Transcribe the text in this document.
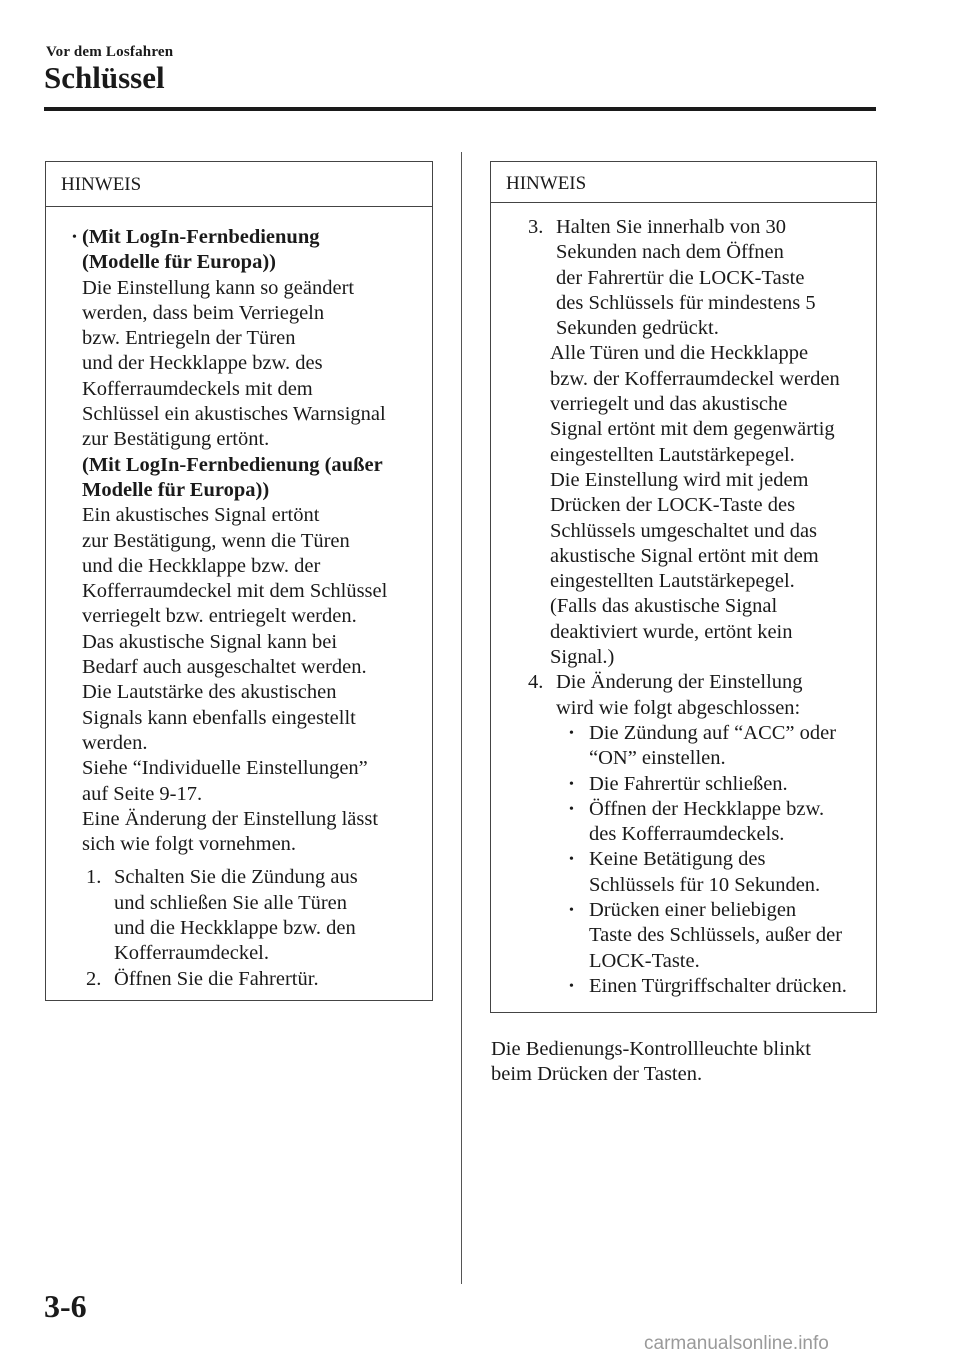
Vor dem Losfahren
Schlüssel
HINWEIS
• (Mit LogIn-Fernbedienung
(Modelle für Europa))
Die Einstellung kann so geändert
werden, dass beim Verriegeln
bzw. Entriegeln der Türen
und der Heckklappe bzw. des
Kofferraumdeckels mit dem
Schlüssel ein akustisches Warnsignal
zur Bestätigung ertönt.
(Mit LogIn-Fernbedienung (außer
Modelle für Europa))
Ein akustisches Signal ertönt
zur Bestätigung, wenn die Türen
und die Heckklappe bzw. der
Kofferraumdeckel mit dem Schlüssel
verriegelt bzw. entriegelt werden.
Das akustische Signal kann bei
Bedarf auch ausgeschaltet werden.
Die Lautstärke des akustischen
Signals kann ebenfalls eingestellt
werden.
Siehe “Individuelle Einstellungen”
auf Seite 9-17.
Eine Änderung der Einstellung lässt
sich wie folgt vornehmen.
1. Schalten Sie die Zündung aus
und schließen Sie alle Türen
und die Heckklappe bzw. den
Kofferraumdeckel.
2. Öffnen Sie die Fahrertür.
HINWEIS
3. Halten Sie innerhalb von 30
Sekunden nach dem Öffnen
der Fahrertür die LOCK-Taste
des Schlüssels für mindestens 5
Sekunden gedrückt.
Alle Türen und die Heckklappe
bzw. der Kofferraumdeckel werden
verriegelt und das akustische
Signal ertönt mit dem gegenwärtig
eingestellten Lautstärkepegel.
Die Einstellung wird mit jedem
Drücken der LOCK-Taste des
Schlüssels umgeschaltet und das
akustische Signal ertönt mit dem
eingestellten Lautstärkepegel.
(Falls das akustische Signal
deaktiviert wurde, ertönt kein
Signal.)
4. Die Änderung der Einstellung
wird wie folgt abgeschlossen:
• Die Zündung auf “ACC” oder
“ON” einstellen.
• Die Fahrertür schließen.
• Öffnen der Heckklappe bzw.
des Kofferraumdeckels.
• Keine Betätigung des
Schlüssels für 10 Sekunden.
• Drücken einer beliebigen
Taste des Schlüssels, außer der
LOCK-Taste.
• Einen Türgriffschalter drücken.
Die Bedienungs-Kontrollleuchte blinkt
beim Drücken der Tasten.
3-6
carmanualsonline.info
